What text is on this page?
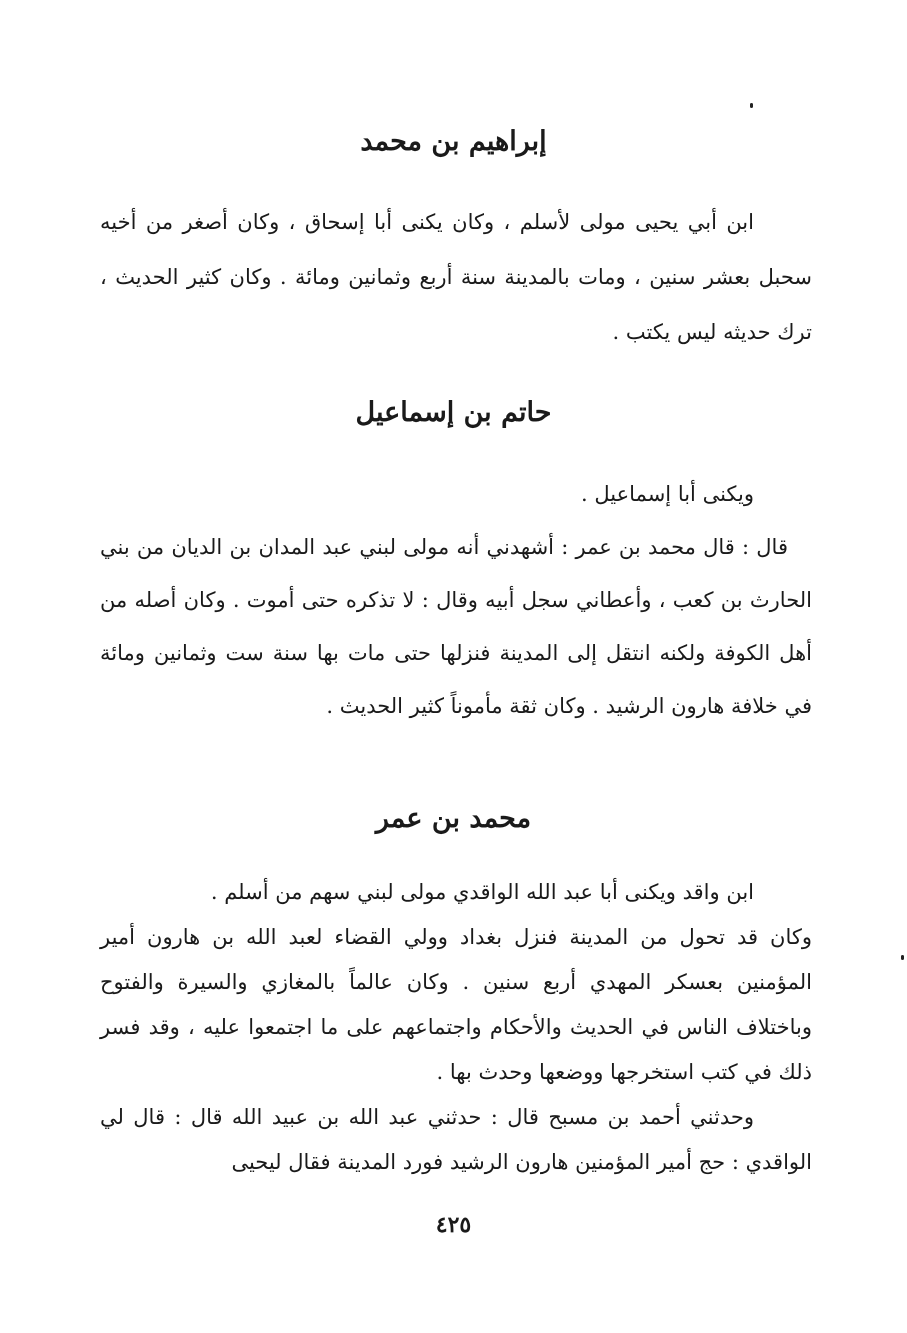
إبراهيم بن محمد

ابن أبي يحيى مولى لأسلم ، وكان يكنى أبا إسحاق ، وكان أصغر من أخيه سحبل بعشر سنين ، ومات بالمدينة سنة أربع وثمانين ومائة . وكان كثير الحديث ، ترك حديثه ليس يكتب .

حاتم بن إسماعيل

ويكنى أبا إسماعيل .

قال : قال محمد بن عمر : أشهدني أنه مولى لبني عبد المدان بن الديان من بني الحارث بن كعب ، وأعطاني سجل أبيه وقال : لا تذكره حتى أموت . وكان أصله من أهل الكوفة ولكنه انتقل إلى المدينة فنزلها حتى مات بها سنة ست وثمانين ومائة في خلافة هارون الرشيد . وكان ثقة مأموناً كثير الحديث .

محمد بن عمر

ابن واقد ويكنى أبا عبد الله الواقدي مولى لبني سهم من أسلم .

وكان قد تحول من المدينة فنزل بغداد وولي القضاء لعبد الله بن هارون أمير المؤمنين بعسكر المهدي أربع سنين . وكان عالماً بالمغازي والسيرة والفتوح وباختلاف الناس في الحديث والأحكام واجتماعهم على ما اجتمعوا عليه ، وقد فسر ذلك في كتب استخرجها ووضعها وحدث بها .

وحدثني أحمد بن مسبح قال : حدثني عبد الله بن عبيد الله قال : قال لي الواقدي : حج أمير المؤمنين هارون الرشيد فورد المدينة فقال ليحيى

٤٢٥
